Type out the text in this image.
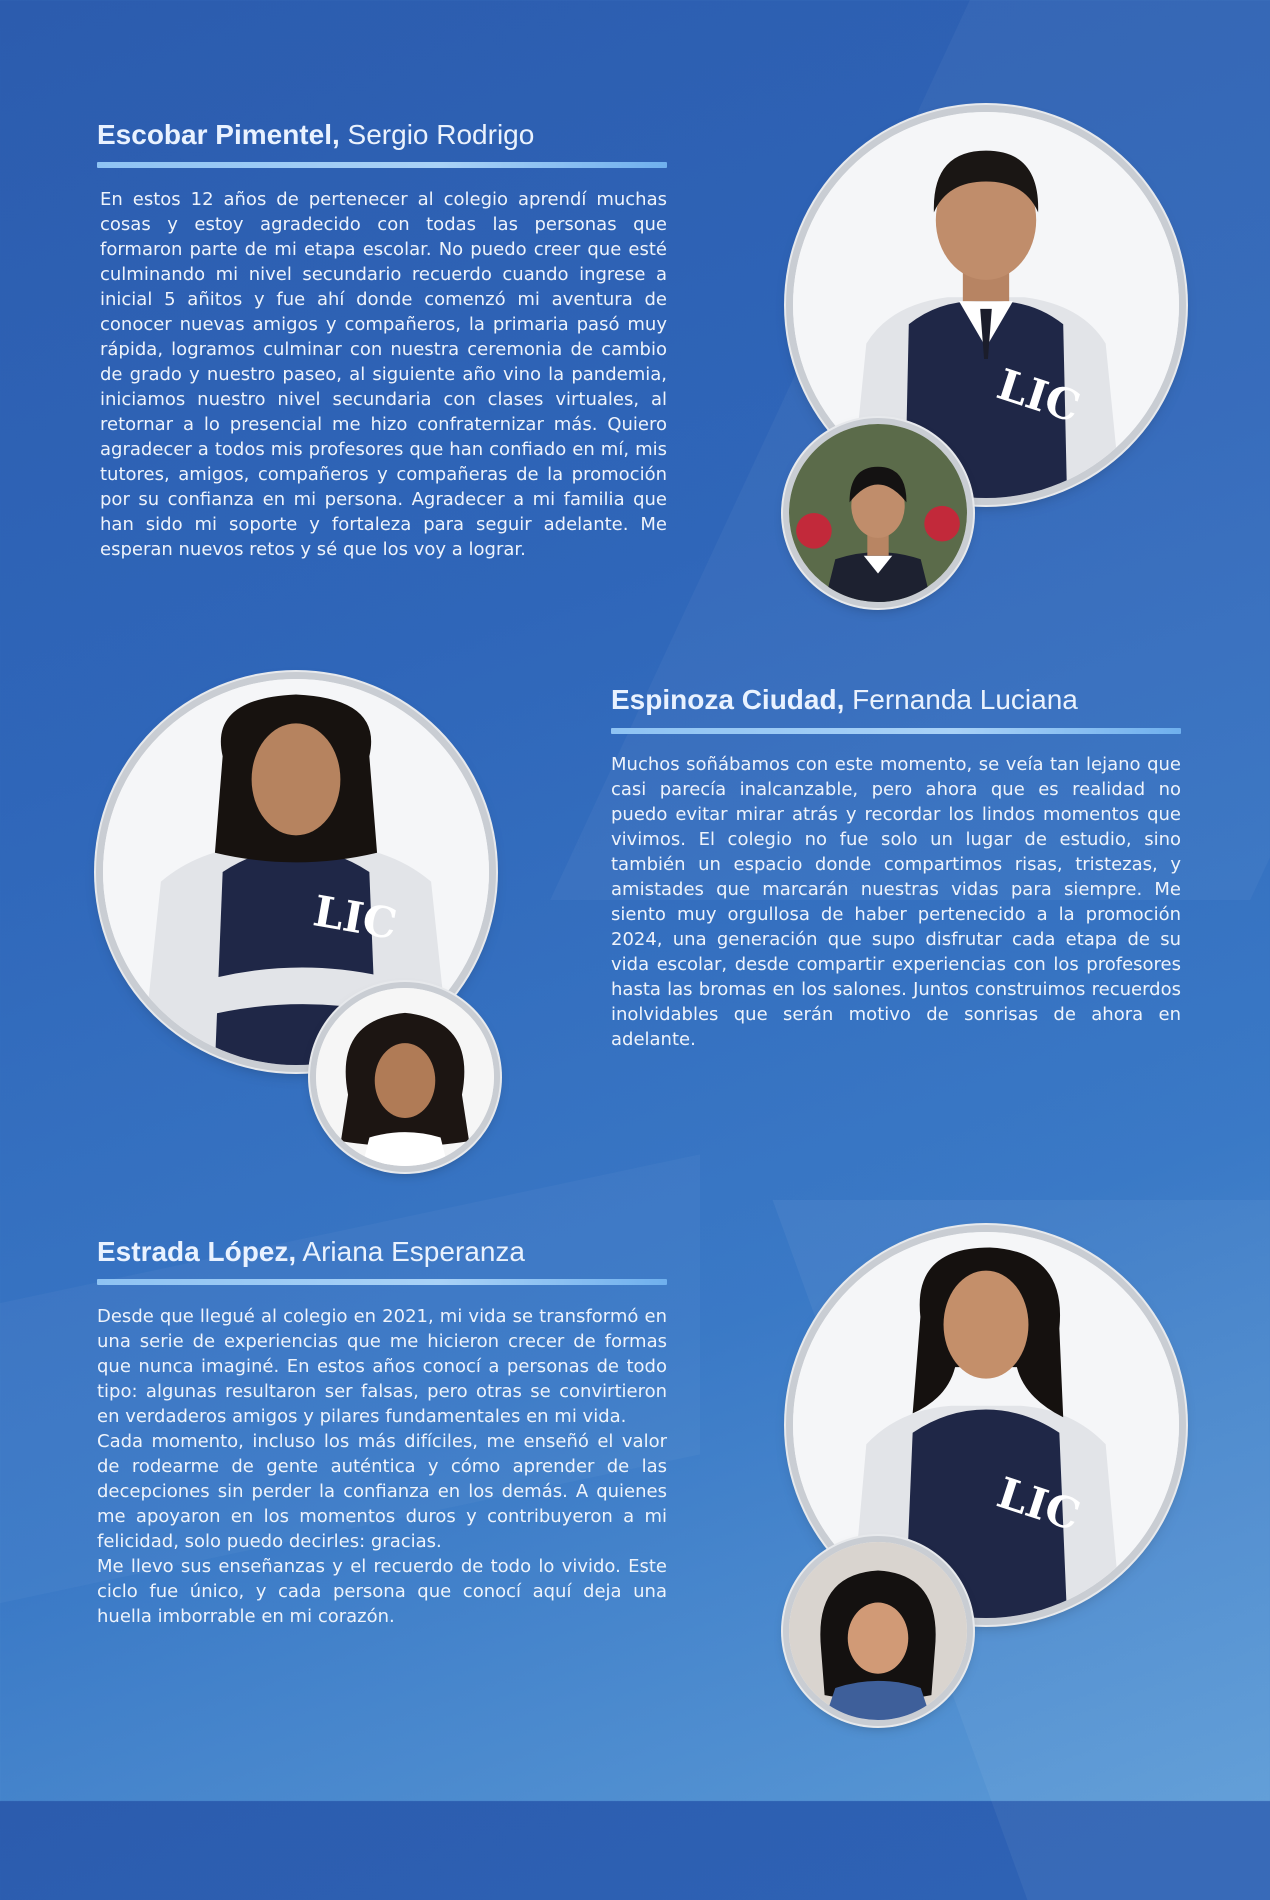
Escobar Pimentel, Sergio Rodrigo

En estos 12 años de pertenecer al colegio aprendí muchas cosas y estoy agradecido con todas las personas que formaron parte de mi etapa escolar. No puedo creer que esté culminando mi nivel secundario recuerdo cuando ingrese a inicial 5 añitos y fue ahí donde comenzó mi aventura de conocer nuevas amigos y compañeros, la primaria pasó muy rápida, logramos culminar con nuestra ceremonia de cambio de grado y nuestro paseo, al siguiente año vino la pandemia, iniciamos nuestro nivel secundaria con clases virtuales, al retornar a lo presencial me hizo confraternizar más. Quiero agradecer a todos mis profesores que han confiado en mí, mis tutores, amigos, compañeros y compañeras de la promoción por su confianza en mi persona. Agradecer a mi familia que han sido mi soporte y fortaleza para seguir adelante. Me esperan nuevos retos y sé que los voy a lograr.

LIC
Espinoza Ciudad, Fernanda Luciana

Muchos soñábamos con este momento, se veía tan lejano que casi parecía inalcanzable, pero ahora que es realidad no puedo evitar mirar atrás y recordar los lindos momentos que vivimos. El colegio no fue solo un lugar de estudio, sino también un espacio donde compartimos risas, tristezas, y amistades que marcarán nuestras vidas para siempre. Me siento muy orgullosa de haber pertenecido a la promoción 2024, una generación que supo disfrutar cada etapa de su vida escolar, desde compartir experiencias con los profesores hasta las bromas en los salones. Juntos construimos recuerdos inolvidables que serán motivo de sonrisas de ahora en adelante.

LIC
Estrada López, Ariana Esperanza

Desde que llegué al colegio en 2021, mi vida se transformó en una serie de experiencias que me hicieron crecer de formas que nunca imaginé. En estos años conocí a personas de todo tipo: algunas resultaron ser falsas, pero otras se convirtieron en verdaderos amigos y pilares fundamentales en mi vida.
Cada momento, incluso los más difíciles, me enseñó el valor de rodearme de gente auténtica y cómo aprender de las decepciones sin perder la confianza en los demás. A quienes me apoyaron en los momentos duros y contribuyeron a mi felicidad, solo puedo decirles: gracias.
Me llevo sus enseñanzas y el recuerdo de todo lo vivido. Este ciclo fue único, y cada persona que conocí aquí deja una huella imborrable en mi corazón.

LIC
